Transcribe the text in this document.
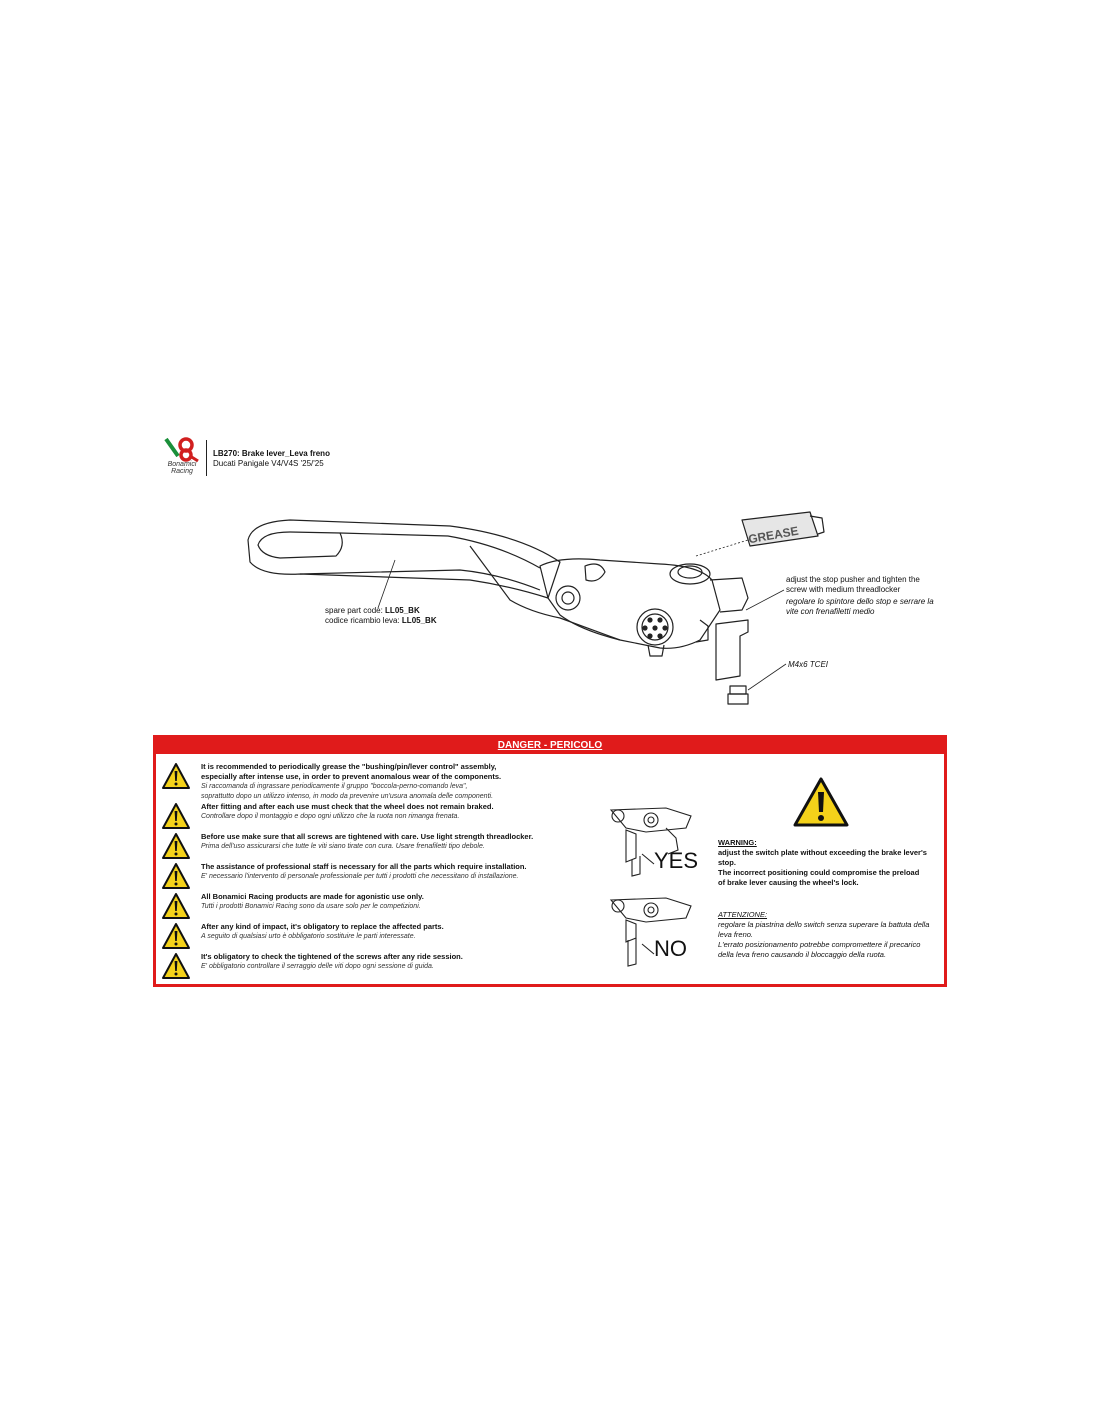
Bonamici
Racing
LB270: Brake lever_Leva freno
Ducati Panigale V4/V4S '25/'25
GREASE
spare part code: LL05_BK
codice ricambio leva: LL05_BK
adjust the stop pusher and tighten the screw with medium threadlocker
regolare lo spintore dello stop e serrare la vite con frenafiletti medio
M4x6 TCEI
DANGER - PERICOLO
It is recommended to periodically grease the "bushing/pin/lever control" assembly,
especially after intense use, in order to prevent anomalous wear of the components.
Si raccomanda di ingrassare periodicamente il gruppo "boccola-perno-comando leva",
soprattutto dopo un utilizzo intenso, in modo da prevenire un'usura anomala delle componenti.
After fitting and after each use must check that the wheel does not remain braked.
Controllare dopo il montaggio e dopo ogni utilizzo che la ruota non rimanga frenata.
Before use make sure that all screws are tightened with care. Use light strength threadlocker.
Prima dell'uso assicurarsi che tutte le viti siano tirate con cura. Usare frenafiletti tipo debole.
The assistance of professional staff is necessary for all the parts which require installation.
E' necessario l'intervento di personale professionale per tutti i prodotti che necessitano di installazione.
All Bonamici Racing products are made for agonistic use only.
Tutti i prodotti Bonamici Racing sono da usare solo per le competizioni.
After any kind of impact, it's obligatory to replace the affected parts.
A seguito di qualsiasi urto è obbligatorio sostituire le parti interessate.
It's obligatory to check the tightened of the screws after any ride session.
E' obbligatorio controllare il serraggio delle viti dopo ogni sessione di guida.
YES
NO
WARNING:
adjust the switch plate without exceeding the brake lever's stop.
The incorrect positioning could compromise the preload of brake lever causing the wheel's lock.
ATTENZIONE:
regolare la piastrina dello switch senza superare la battuta della leva freno.
L'errato posizionamento potrebbe compromettere il precarico della leva freno causando il bloccaggio della ruota.
